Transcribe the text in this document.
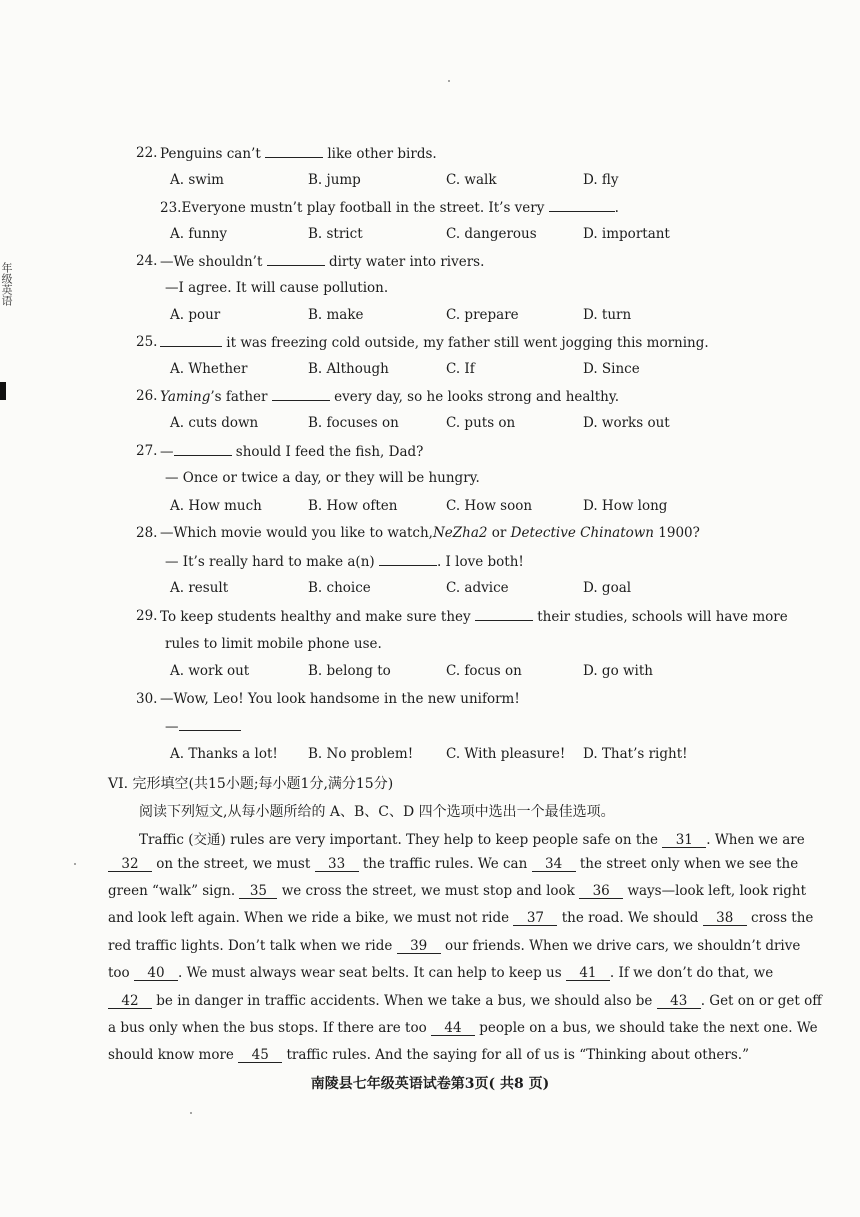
年级英语
22. Penguins can’t	like other birds.
A. swim	B. jump	C. walk	D. fly
23.Everyone mustn’t play football in the street. It’s very	.
A. funny	B. strict	C. dangerous	D. important
24. —We shouldn’t	dirty water into rivers.
—I agree. It will cause pollution.
A. pour	B. make	C. prepare	D. turn
25.	it was freezing cold outside, my father still went jogging this morning.
A. Whether	B. Although	C. If	D. Since
26. Yaming’s father	every day, so he looks strong and healthy.
A. cuts down	B. focuses on	C. puts on	D. works out
27. —	should I feed the fish, Dad?
— Once or twice a day, or they will be hungry.
A. How much	B. How often	C. How soon	D. How long
28. —Which movie would you like to watch,NeZha2 or Detective Chinatown 1900?
— It’s really hard to make a(n)	. I love both!
A. result	B. choice	C. advice	D. goal
29. To keep students healthy and make sure they	their studies, schools will have more
rules to limit mobile phone use.
A. work out	B. belong to	C. focus on	D. go with
30. —Wow, Leo! You look handsome in the new uniform!
—
A. Thanks a lot! B. No problem! C. With pleasure! D. That’s right!
VI. 完形填空(共15小题;每小题1分,满分15分)
阅读下列短文,从每小题所给的 A、B、C、D 四个选项中选出一个最佳选项。
Traffic (交通) rules are very important. They help to keep people safe on the 31 . When we are
32 on the street, we must 33 the traffic rules. We can 34 the street only when we see the
green “walk” sign. 35 we cross the street, we must stop and look 36 ways—look left, look right
and look left again. When we ride a bike, we must not ride 37 the road. We should 38 cross the
red traffic lights. Don’t talk when we ride 39 our friends. When we drive cars, we shouldn’t drive
too 40 . We must always wear seat belts. It can help to keep us 41 . If we don’t do that, we
42 be in danger in traffic accidents. When we take a bus, we should also be 43 . Get on or get off
a bus only when the bus stops. If there are too 44 people on a bus, we should take the next one. We
should know more 45 traffic rules. And the saying for all of us is “Thinking about others.”
南陵县七年级英语试卷第3页( 共8 页)
